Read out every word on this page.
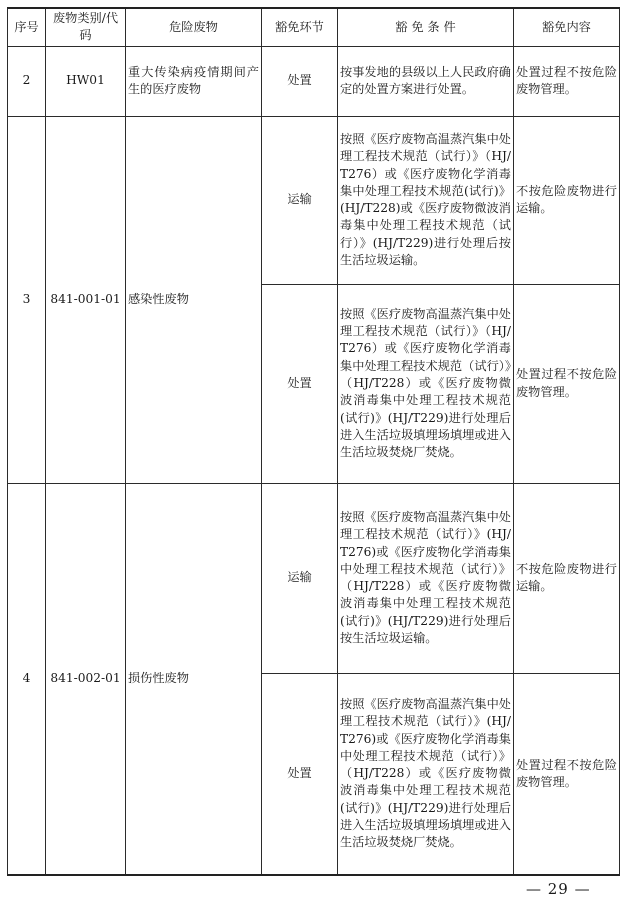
序号	废物类别/代码	危险废物	豁免环节	豁 免 条 件	豁免内容
2	HW01	重大传染病疫情期间产生的医疗废物	处置	按事发地的县级以上人民政府确定的处置方案进行处置。	处置过程不按危险废物管理。
3	841-001-01	感染性废物	运输	按照《医疗废物高温蒸汽集中处理工程技术规范（试行）》（HJ/T276）或《医疗废物化学消毒集中处理工程技术规范(试行)》(HJ/T228)或《医疗废物微波消毒集中处理工程技术规范（试行）》(HJ/T229)进行处理后按生活垃圾运输。	不按危险废物进行运输。
			处置	按照《医疗废物高温蒸汽集中处理工程技术规范（试行）》（HJ/T276）或《医疗废物化学消毒集中处理工程技术规范（试行）》（HJ/T228）或《医疗废物微波消毒集中处理工程技术规范(试行)》(HJ/T229)进行处理后进入生活垃圾填埋场填埋或进入生活垃圾焚烧厂焚烧。	处置过程不按危险废物管理。
4	841-002-01	损伤性废物	运输	按照《医疗废物高温蒸汽集中处理工程技术规范（试行）》(HJ/T276)或《医疗废物化学消毒集中处理工程技术规范（试行）》（HJ/T228）或《医疗废物微波消毒集中处理工程技术规范(试行)》(HJ/T229)进行处理后按生活垃圾运输。	不按危险废物进行运输。
			处置	按照《医疗废物高温蒸汽集中处理工程技术规范（试行）》(HJ/T276)或《医疗废物化学消毒集中处理工程技术规范（试行）》（HJ/T228）或《医疗废物微波消毒集中处理工程技术规范(试行)》(HJ/T229)进行处理后进入生活垃圾填埋场填埋或进入生活垃圾焚烧厂焚烧。	处置过程不按危险废物管理。
— 29 —
